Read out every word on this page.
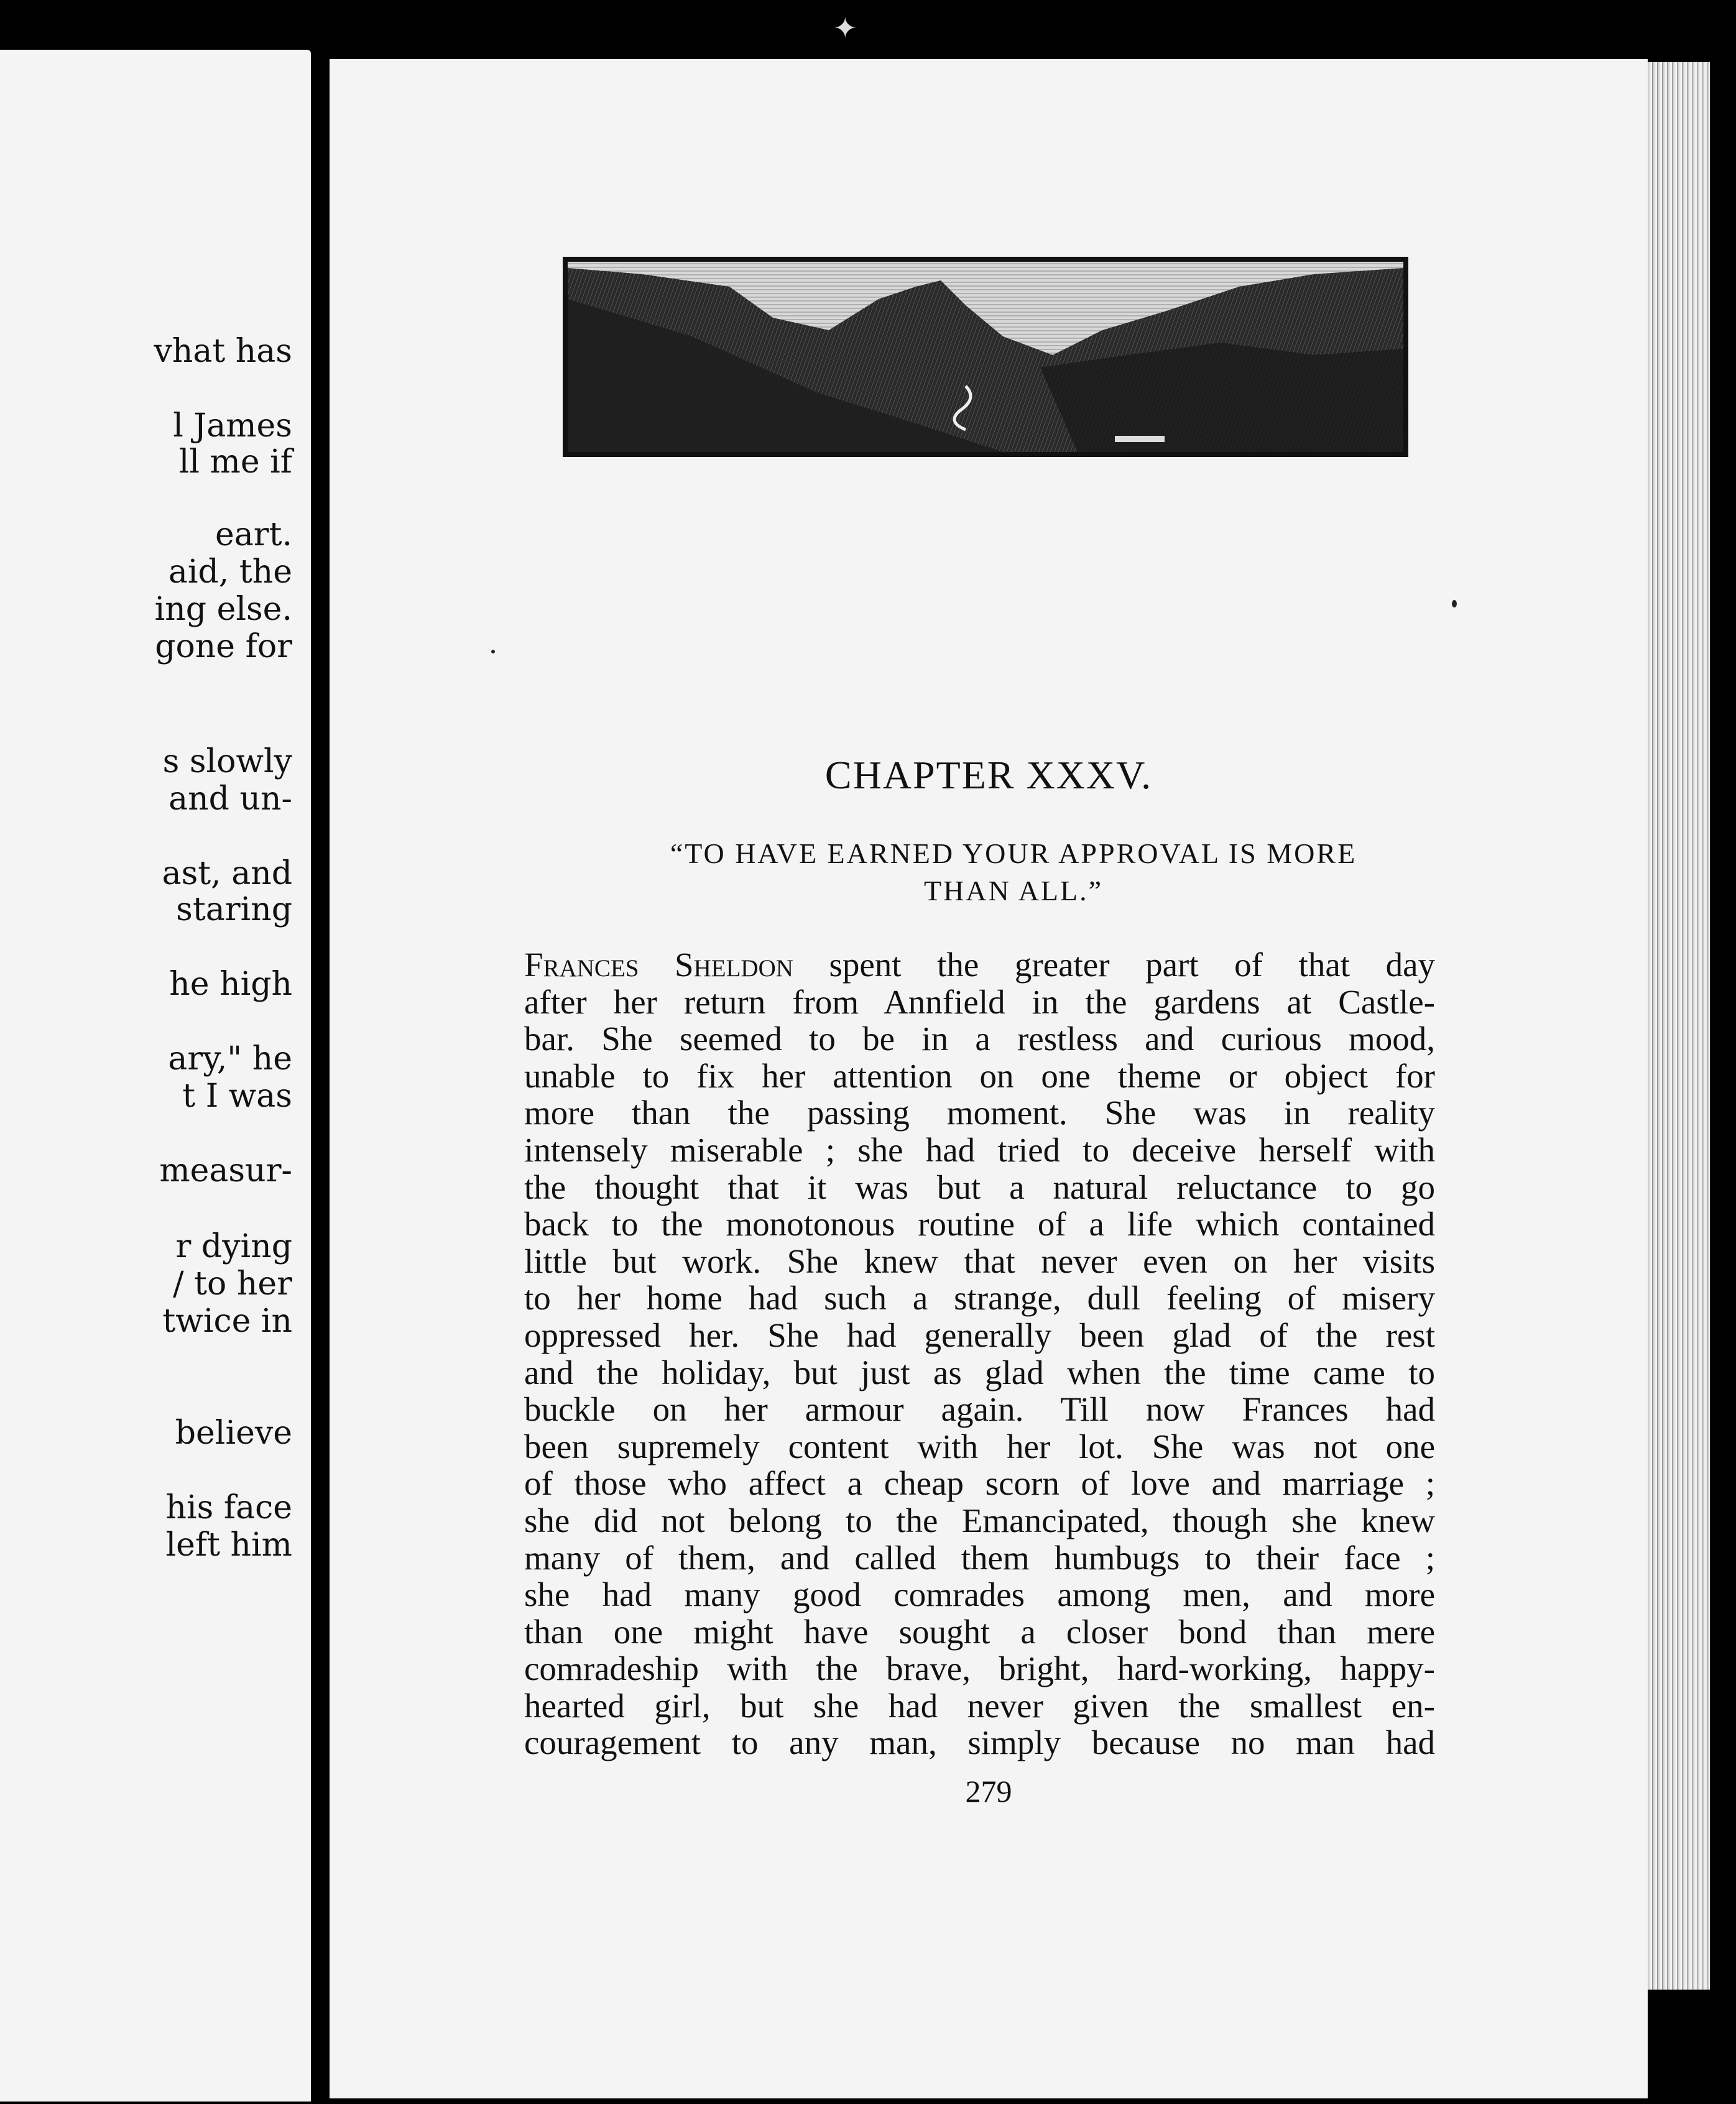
vhat has
l James
ll me if
eart.
aid, the
ing else.
gone for
s slowly
and un-
ast, and
staring
he high
ary," he
t I was
measur-
r dying
/ to her
twice in
believe
his face
left him
✦
CHAPTER XXXV.
“TO HAVE EARNED YOUR APPROVAL IS MORE
THAN ALL.”
Frances Sheldon spent the greater part of that day
after her return from Annfield in the gardens at Castle-
bar. She seemed to be in a restless and curious mood,
unable to fix her attention on one theme or object for
more than the passing moment. She was in reality
intensely miserable ; she had tried to deceive herself with
the thought that it was but a natural reluctance to go
back to the monotonous routine of a life which contained
little but work. She knew that never even on her visits
to her home had such a strange, dull feeling of misery
oppressed her. She had generally been glad of the rest
and the holiday, but just as glad when the time came to
buckle on her armour again. Till now Frances had
been supremely content with her lot. She was not one
of those who affect a cheap scorn of love and marriage ;
she did not belong to the Emancipated, though she knew
many of them, and called them humbugs to their face ;
she had many good comrades among men, and more
than one might have sought a closer bond than mere
comradeship with the brave, bright, hard-working, happy-
hearted girl, but she had never given the smallest en-
couragement to any man, simply because no man had
279
